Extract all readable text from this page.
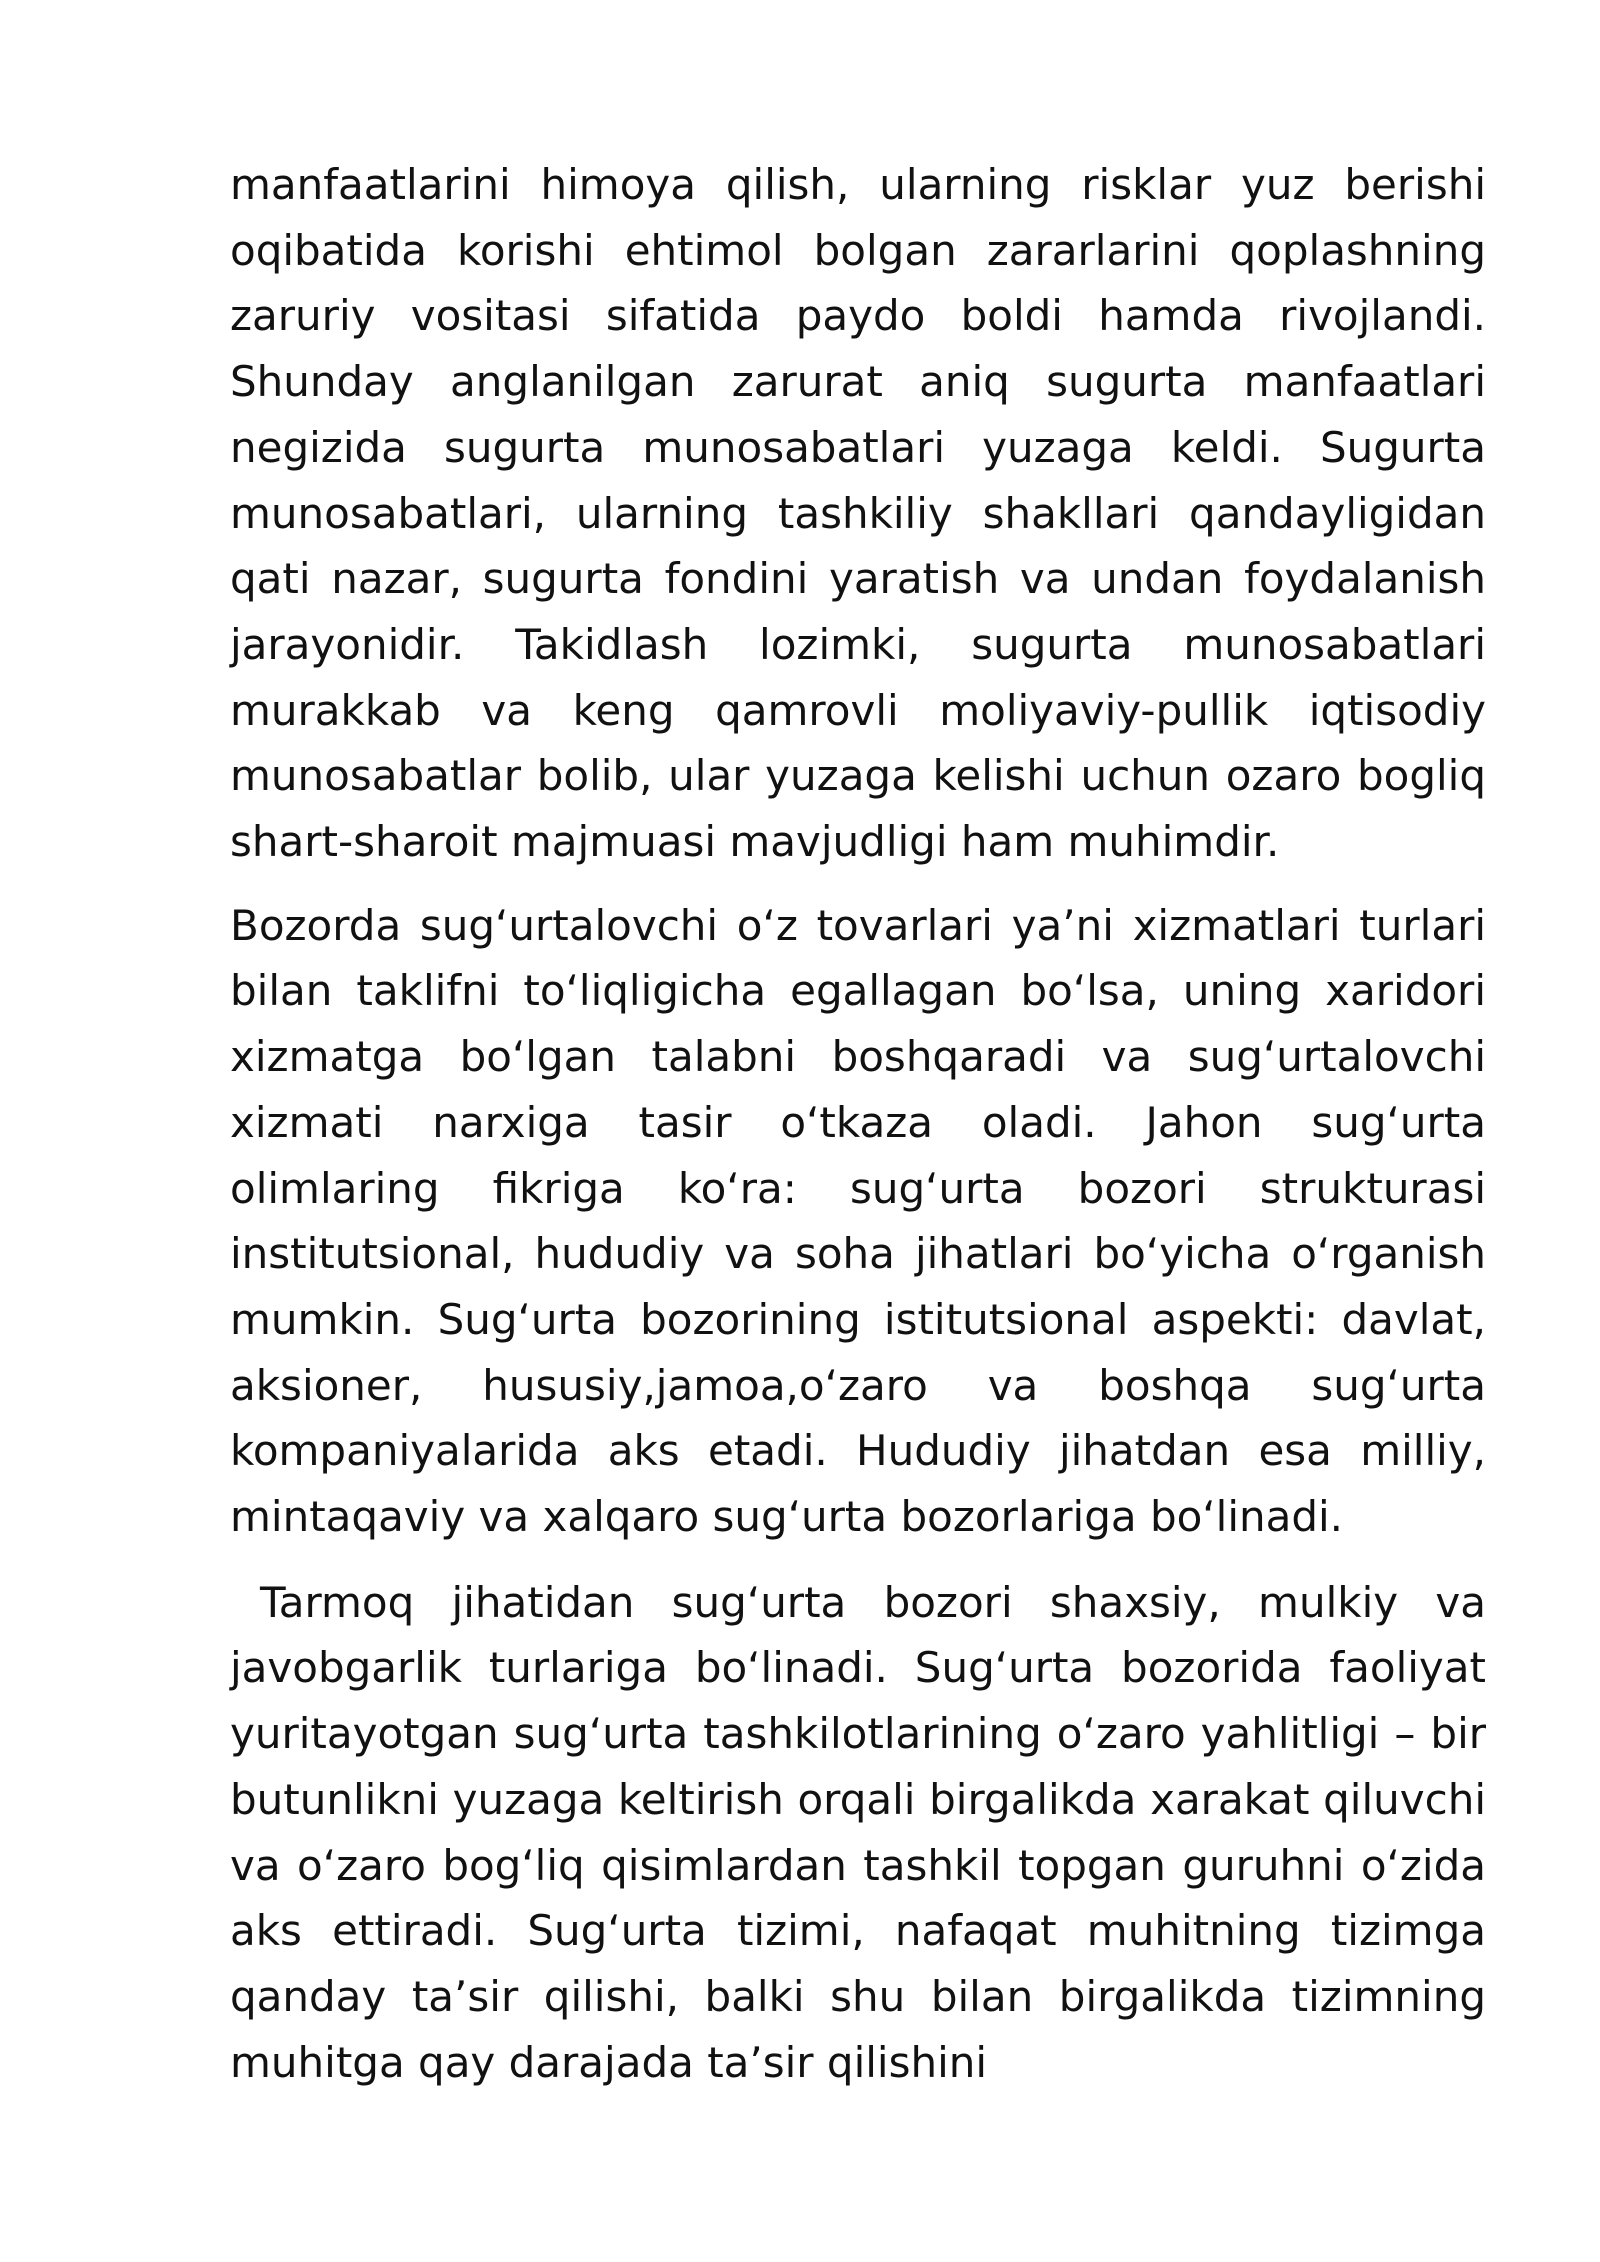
manfaatlarini himoya qilish, ularning risklar yuz berishi oqibatida korishi ehtimol bolgan zararlarini qoplashning zaruriy vositasi sifatida paydo boldi hamda rivojlandi. Shunday anglanilgan zarurat aniq sugurta manfaatlari negizida sugurta munosabatlari yuzaga keldi. Sugurta munosabatlari, ularning tashkiliy shakllari qandayligidan qati nazar, sugurta fondini yaratish va undan foydalanish jarayonidir. Takidlash lozimki, sugurta munosabatlari murakkab va keng qamrovli moliyaviy-pullik iqtisodiy munosabatlar bolib, ular yuzaga kelishi uchun ozaro bogliq shart-sharoit majmuasi mavjudligi ham muhimdir.

Bozorda sug‘urtalovchi o‘z tovarlari ya’ni xizmatlari turlari bilan taklifni to‘liqligicha egallagan bo‘lsa, uning xaridori xizmatga bo‘lgan talabni boshqaradi va sug‘urtalovchi xizmati narxiga tasir o‘tkaza oladi. Jahon sug‘urta olimlaring fikriga ko‘ra: sug‘urta bozori strukturasi institutsional, hududiy va soha jihatlari bo‘yicha o‘rganish mumkin. Sug‘urta bozorining istitutsional aspekti: davlat, aksioner, hususiy,jamoa,o‘zaro va boshqa sug‘urta kompaniyalarida aks etadi. Hududiy jihatdan esa milliy, mintaqaviy va xalqaro sug‘urta bozorlariga bo‘linadi.

Tarmoq jihatidan sug‘urta bozori shaxsiy, mulkiy va javobgarlik turlariga bo‘linadi. Sug‘urta bozorida faoliyat yuritayotgan sug‘urta tashkilotlarining o‘zaro yahlitligi – bir butunlikni yuzaga keltirish orqali birgalikda xarakat qiluvchi va o‘zaro bog‘liq qisimlardan tashkil topgan guruhni o‘zida aks ettiradi. Sug‘urta tizimi, nafaqat muhitning tizimga qanday ta’sir qilishi, balki shu bilan birgalikda tizimning muhitga qay darajada ta’sir qilishini
